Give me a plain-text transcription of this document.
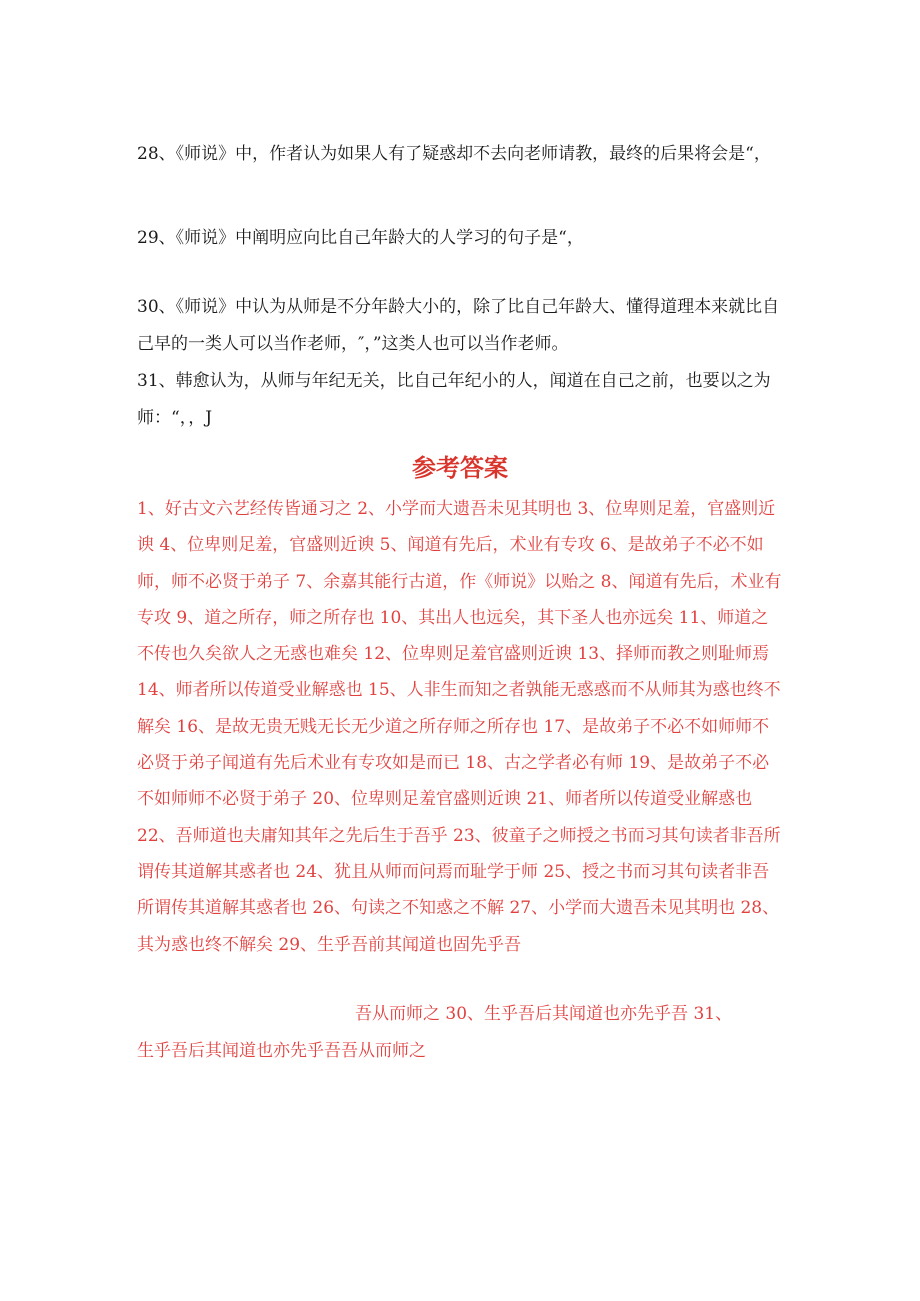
28、《师说》中，作者认为如果人有了疑惑却不去向老师请教，最终的后果将会是“，

29、《师说》中阐明应向比自己年龄大的人学习的句子是“，

30、《师说》中认为从师是不分年龄大小的，除了比自己年龄大、懂得道理本来就比自己早的一类人可以当作老师，″，”这类人也可以当作老师。

31、韩愈认为，从师与年纪无关，比自己年纪小的人，闻道在自己之前，也要以之为师：“，，J

参考答案

1、好古文六艺经传皆通习之 2、小学而大遗吾未见其明也 3、位卑则足羞，官盛则近谀 4、位卑则足羞，官盛则近谀 5、闻道有先后，术业有专攻 6、是故弟子不必不如师，师不必贤于弟子 7、余嘉其能行古道，作《师说》以贻之 8、闻道有先后，术业有专攻 9、道之所存，师之所存也 10、其出人也远矣，其下圣人也亦远矣 11、师道之不传也久矣欲人之无惑也难矣 12、位卑则足羞官盛则近谀 13、择师而教之则耻师焉 14、师者所以传道受业解惑也 15、人非生而知之者孰能无惑惑而不从师其为惑也终不解矣 16、是故无贵无贱无长无少道之所存师之所存也 17、是故弟子不必不如师师不必贤于弟子闻道有先后术业有专攻如是而已 18、古之学者必有师 19、是故弟子不必不如师师不必贤于弟子 20、位卑则足羞官盛则近谀 21、师者所以传道受业解惑也　22、吾师道也夫庸知其年之先后生于吾乎 23、彼童子之师授之书而习其句读者非吾所谓传其道解其惑者也 24、犹且从师而问焉而耻学于师 25、授之书而习其句读者非吾所谓传其道解其惑者也 26、句读之不知惑之不解 27、小学而大遗吾未见其明也 28、其为惑也终不解矣 29、生乎吾前其闻道也固先乎吾

吾从而师之 30、生乎吾后其闻道也亦先乎吾 31、

生乎吾后其闻道也亦先乎吾吾从而师之
